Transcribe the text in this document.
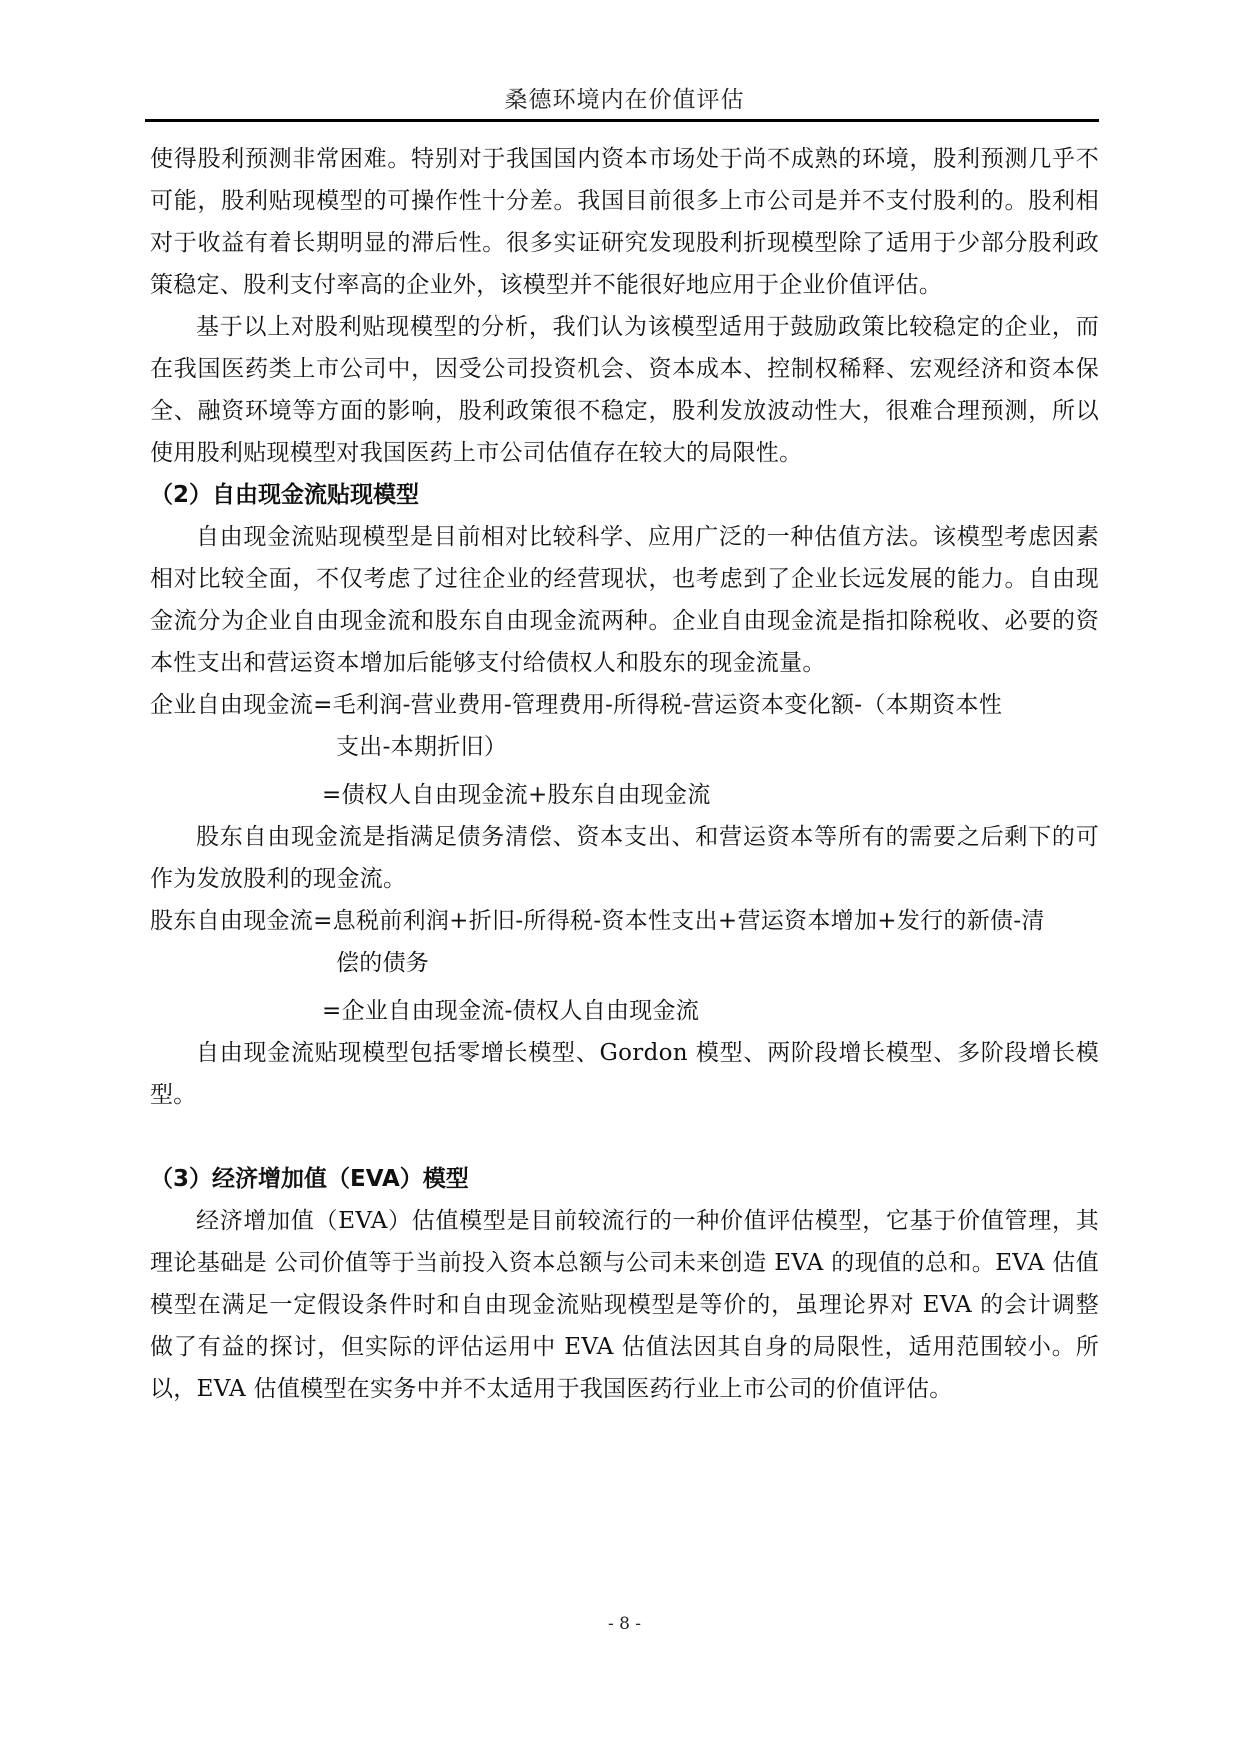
桑德环境内在价值评估

使得股利预测非常困难。特别对于我国国内资本市场处于尚不成熟的环境，股利预测几乎不可能，股利贴现模型的可操作性十分差。我国目前很多上市公司是并不支付股利的。股利相对于收益有着长期明显的滞后性。很多实证研究发现股利折现模型除了适用于少部分股利政策稳定、股利支付率高的企业外，该模型并不能很好地应用于企业价值评估。

基于以上对股利贴现模型的分析，我们认为该模型适用于鼓励政策比较稳定的企业，而在我国医药类上市公司中，因受公司投资机会、资本成本、控制权稀释、宏观经济和资本保全、融资环境等方面的影响，股利政策很不稳定，股利发放波动性大，很难合理预测，所以使用股利贴现模型对我国医药上市公司估值存在较大的局限性。

（2）自由现金流贴现模型

自由现金流贴现模型是目前相对比较科学、应用广泛的一种估值方法。该模型考虑因素相对比较全面，不仅考虑了过往企业的经营现状，也考虑到了企业长远发展的能力。自由现金流分为企业自由现金流和股东自由现金流两种。企业自由现金流是指扣除税收、必要的资本性支出和营运资本增加后能够支付给债权人和股东的现金流量。

企业自由现金流=毛利润-营业费用-管理费用-所得税-营运资本变化额-（本期资本性
支出-本期折旧）

=债权人自由现金流+股东自由现金流

股东自由现金流是指满足债务清偿、资本支出、和营运资本等所有的需要之后剩下的可作为发放股利的现金流。

股东自由现金流=息税前利润+折旧-所得税-资本性支出+营运资本增加+发行的新债-清
偿的债务

=企业自由现金流-债权人自由现金流

自由现金流贴现模型包括零增长模型、Gordon 模型、两阶段增长模型、多阶段增长模型。

（3）经济增加值（EVA）模型

经济增加值（EVA）估值模型是目前较流行的一种价值评估模型，它基于价值管理，其理论基础是 公司价值等于当前投入资本总额与公司未来创造 EVA 的现值的总和。EVA 估值模型在满足一定假设条件时和自由现金流贴现模型是等价的，虽理论界对 EVA 的会计调整做了有益的探讨，但实际的评估运用中 EVA 估值法因其自身的局限性，适用范围较小。所以，EVA 估值模型在实务中并不太适用于我国医药行业上市公司的价值评估。

- 8 -
